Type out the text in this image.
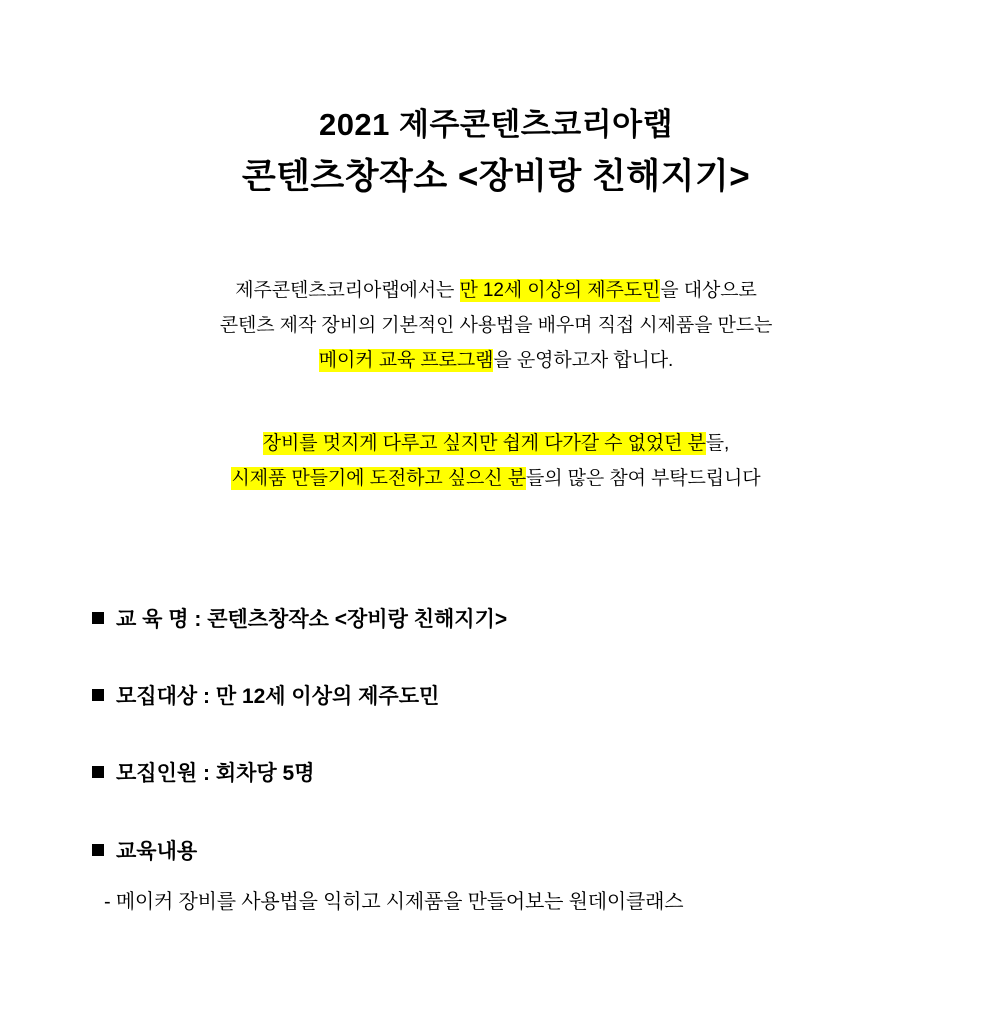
2021 제주콘텐츠코리아랩
콘텐츠창작소 <장비랑 친해지기>

제주콘텐츠코리아랩에서는 만 12세 이상의 제주도민을 대상으로
콘텐츠 제작 장비의 기본적인 사용법을 배우며 직접 시제품을 만드는
메이커 교육 프로그램을 운영하고자 합니다.

장비를 멋지게 다루고 싶지만 쉽게 다가갈 수 없었던 분들,
시제품 만들기에 도전하고 싶으신 분들의 많은 참여 부탁드립니다

교 육 명 : 콘텐츠창작소 <장비랑 친해지기>
모집대상 : 만 12세 이상의 제주도민
모집인원 : 회차당 5명
교육내용
- 메이커 장비를 사용법을 익히고 시제품을 만들어보는 원데이클래스
